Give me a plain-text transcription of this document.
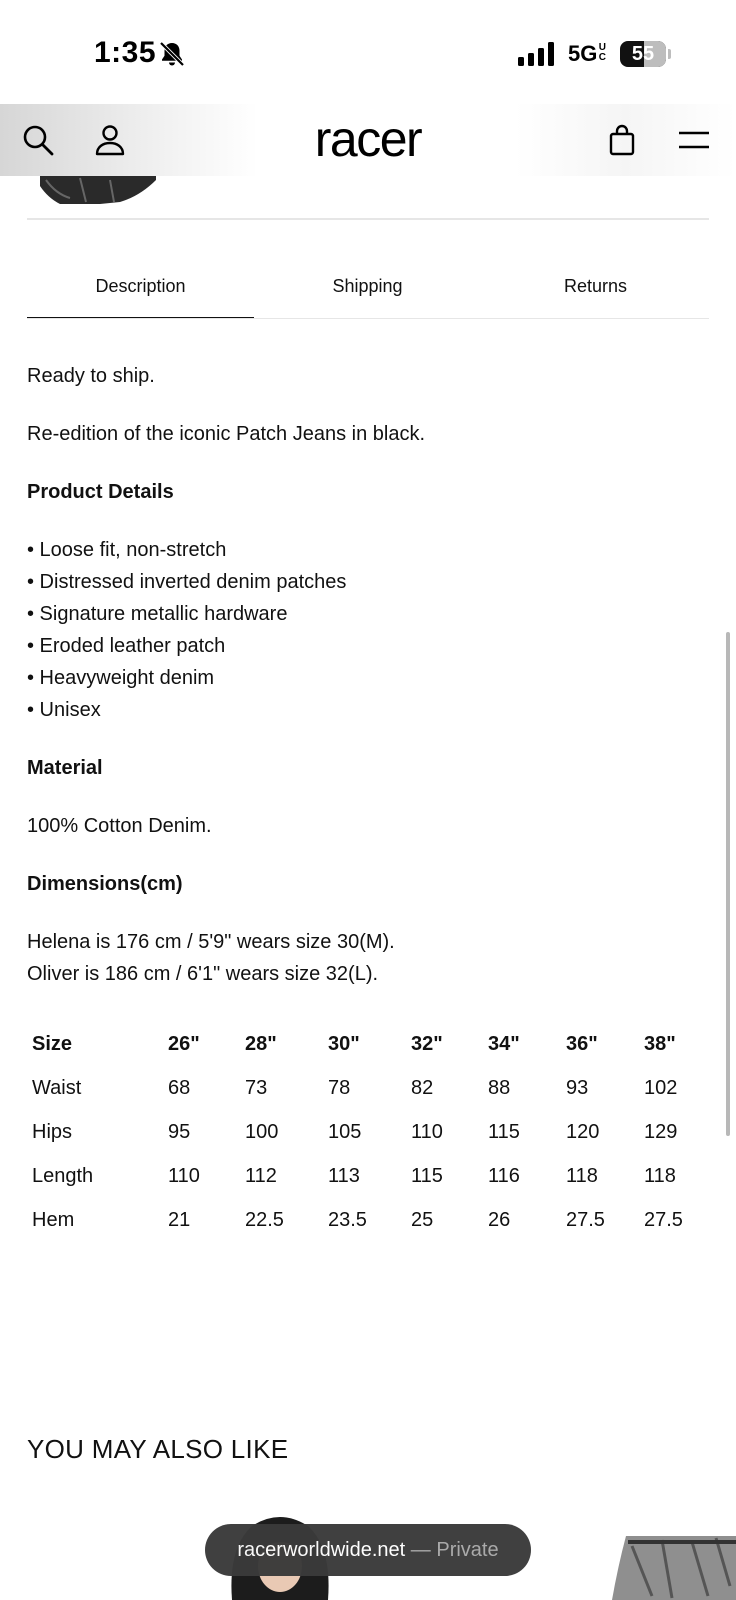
1:35	5GUC	55
racer
Description	Shipping	Returns

Ready to ship.

Re-edition of the iconic Patch Jeans in black.

Product Details

• Loose fit, non-stretch

• Distressed inverted denim patches

• Signature metallic hardware

• Eroded leather patch

• Heavyweight denim

• Unisex

Material

100% Cotton Denim.

Dimensions(cm)

Helena is 176 cm / 5'9" wears size 30(M).

Oliver is 186 cm / 6'1" wears size 32(L).

Size	26"	28"	30"	32"	34"	36"	38"
Waist	68	73	78	82	88	93	102
Hips	95	100	105	110	115	120	129
Length	110	112	113	115	116	118	118
Hem	21	22.5	23.5	25	26	27.5	27.5
YOU MAY ALSO LIKE
racerworldwide.net — Private
